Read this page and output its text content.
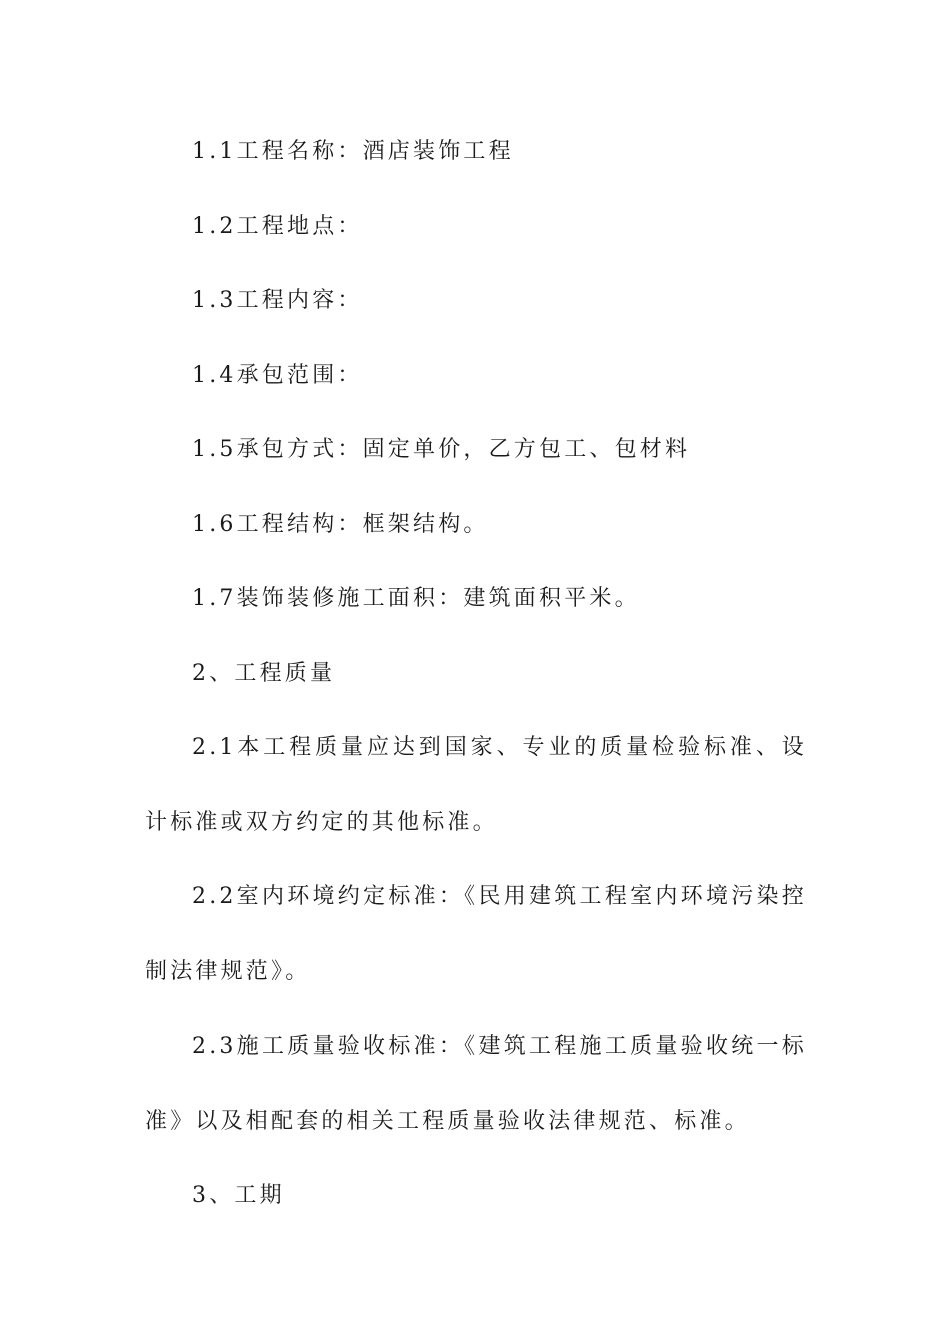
1.1工程名称：酒店装饰工程

1.2工程地点：

1.3工程内容：

1.4承包范围：

1.5承包方式：固定单价，乙方包工、包材料

1.6工程结构：框架结构。

1.7装饰装修施工面积：建筑面积平米。

2、工程质量

2.1本工程质量应达到国家、专业的质量检验标准、设计标准或双方约定的其他标准。

2.2室内环境约定标准：《民用建筑工程室内环境污染控制法律规范》。

2.3施工质量验收标准：《建筑工程施工质量验收统一标准》以及相配套的相关工程质量验收法律规范、标准。

3、工期
